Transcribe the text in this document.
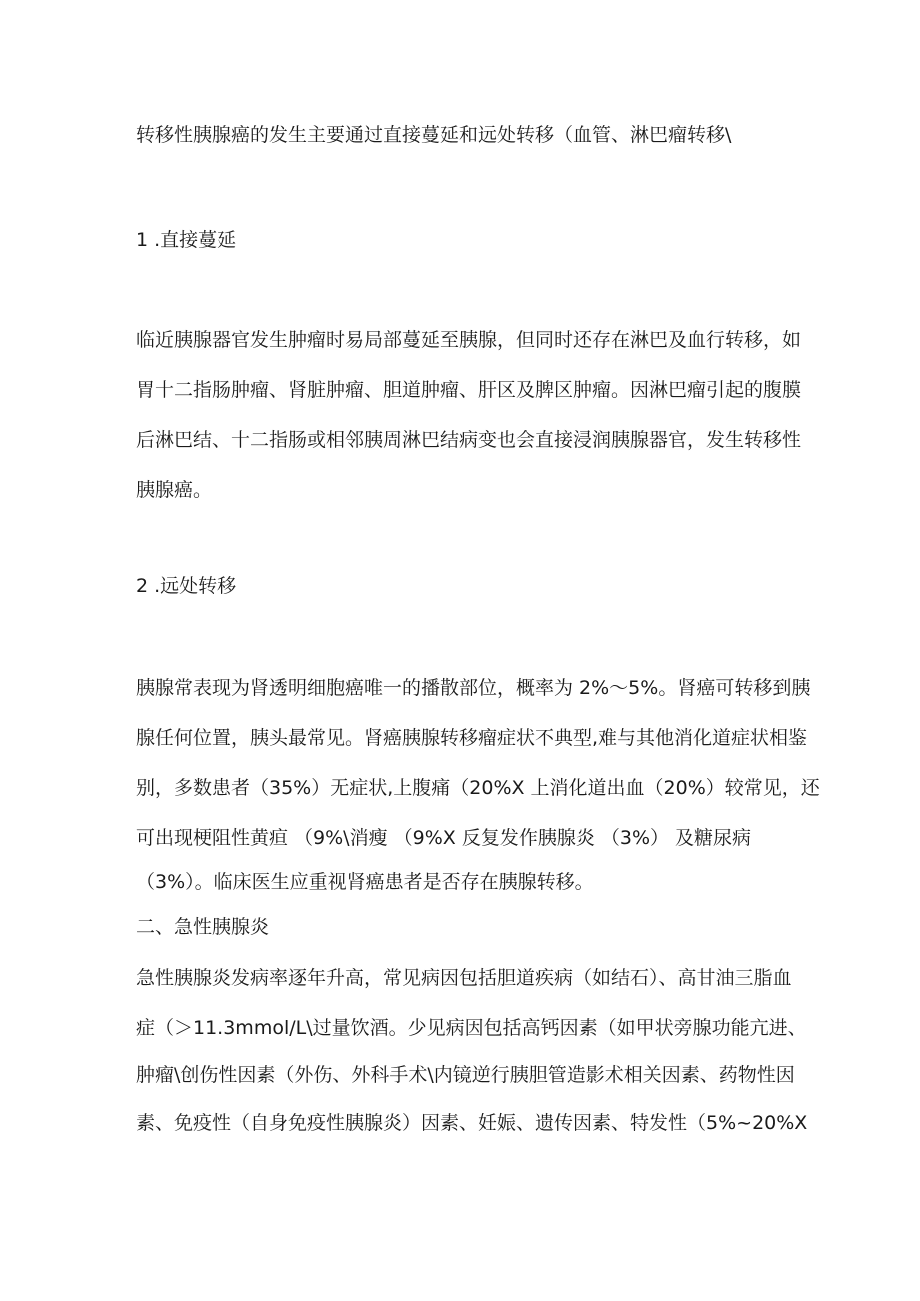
转移性胰腺癌的发生主要通过直接蔓延和远处转移（血管、淋巴瘤转移\
1 .直接蔓延
临近胰腺器官发生肿瘤时易局部蔓延至胰腺，但同时还存在淋巴及血行转移，如
胃十二指肠肿瘤、肾脏肿瘤、胆道肿瘤、肝区及脾区肿瘤。因淋巴瘤引起的腹膜
后淋巴结、十二指肠或相邻胰周淋巴结病变也会直接浸润胰腺器官，发生转移性
胰腺癌。
2 .远处转移
胰腺常表现为肾透明细胞癌唯一的播散部位，概率为 2%～5%。肾癌可转移到胰
腺任何位置，胰头最常见。肾癌胰腺转移瘤症状不典型,难与其他消化道症状相鉴
别，多数患者（35%）无症状,上腹痛（20%X 上消化道出血（20%）较常见，还
可出现梗阻性黄疸 （9%\消瘦 （9%X 反复发作胰腺炎 （3%） 及糖尿病
（3%）。临床医生应重视肾癌患者是否存在胰腺转移。
二、急性胰腺炎
急性胰腺炎发病率逐年升高，常见病因包括胆道疾病（如结石）、高甘油三脂血
症（＞11.3mmol/L\过量饮酒。少见病因包括高钙因素（如甲状旁腺功能亢进、
肿瘤\创伤性因素（外伤、外科手术\内镜逆行胰胆管造影术相关因素、药物性因
素、免疫性（自身免疫性胰腺炎）因素、妊娠、遗传因素、特发性（5%~20%X
